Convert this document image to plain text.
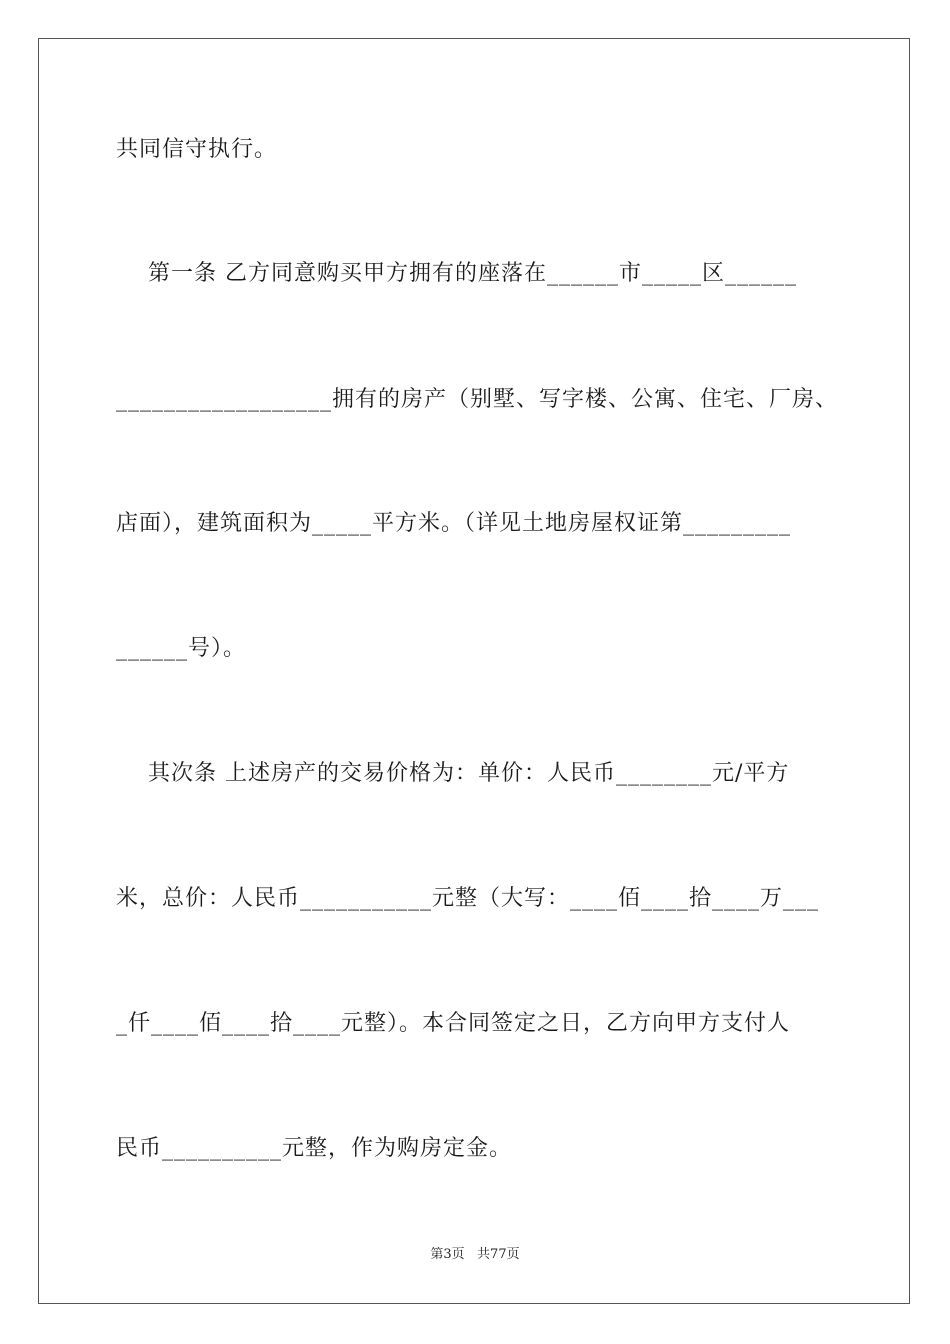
共同信守执行。
第一条 乙方同意购买甲方拥有的座落在______市_____区______
__________________拥有的房产（别墅、写字楼、公寓、住宅、厂房、
店面），建筑面积为_____平方米。（详见土地房屋权证第_________
______号）。
其次条 上述房产的交易价格为：单价：人民币________元/平方
米，总价：人民币___________元整（大写：____佰____拾____万___
_仟____佰____拾____元整）。本合同签定之日，乙方向甲方支付人
民币__________元整，作为购房定金。
第3页   共77页
